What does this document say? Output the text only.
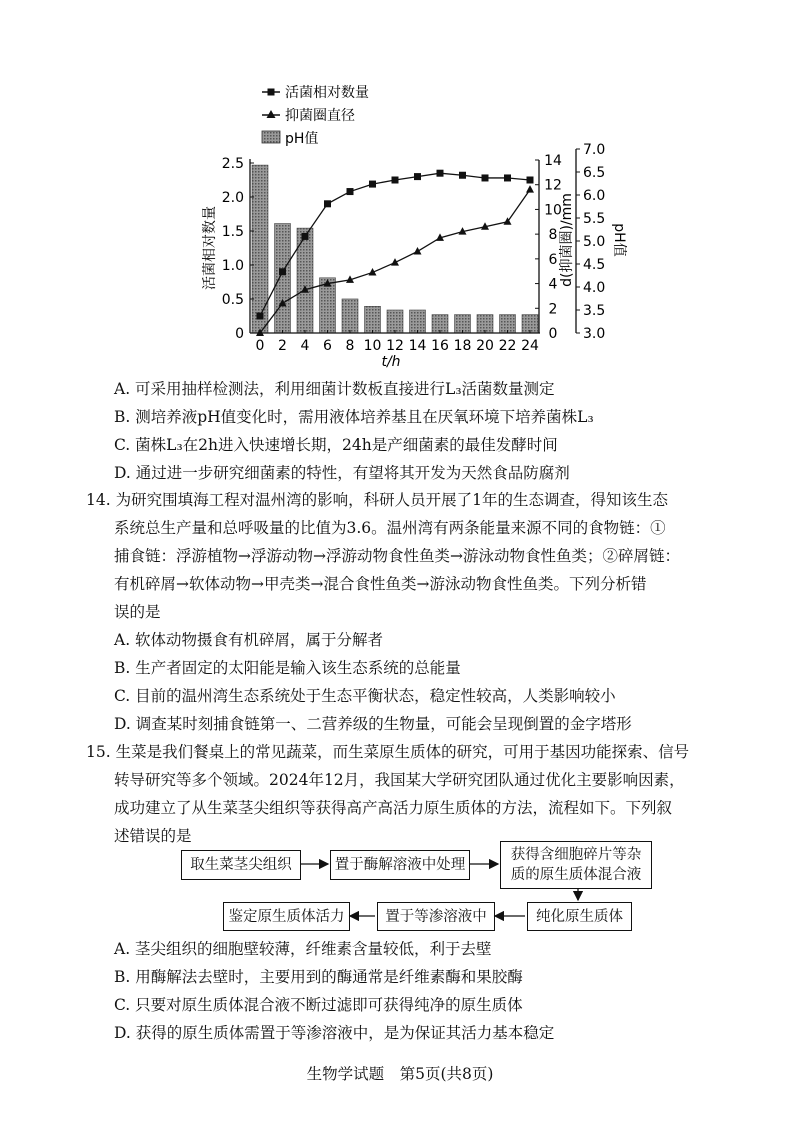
活菌相对数量
抑菌圈直径
pH值
0
0.5
1.0
1.5
2.0
2.5
0
2
4
6
8
10
12
14
3.0
3.5
4.0
4.5
5.0
5.5
6.0
6.5
7.0
0 2 4 6 8 10 12 14 16 18 20 22 24
活菌相对数量	d(抑菌圈)/mm	pH值
t/h
A. 可采用抽样检测法，利用细菌计数板直接进行L₃活菌数量测定
B. 测培养液pH值变化时，需用液体培养基且在厌氧环境下培养菌株L₃
C. 菌株L₃在2h进入快速增长期，24h是产细菌素的最佳发酵时间
D. 通过进一步研究细菌素的特性，有望将其开发为天然食品防腐剂
14. 为研究围填海工程对温州湾的影响，科研人员开展了1年的生态调查，得知该生态
系统总生产量和总呼吸量的比值为3.6。温州湾有两条能量来源不同的食物链：①
捕食链：浮游植物→浮游动物→浮游动物食性鱼类→游泳动物食性鱼类；②碎屑链：
有机碎屑→软体动物→甲壳类→混合食性鱼类→游泳动物食性鱼类。下列分析错
误的是
A. 软体动物摄食有机碎屑，属于分解者
B. 生产者固定的太阳能是输入该生态系统的总能量
C. 目前的温州湾生态系统处于生态平衡状态，稳定性较高，人类影响较小
D. 调查某时刻捕食链第一、二营养级的生物量，可能会呈现倒置的金字塔形
15. 生菜是我们餐桌上的常见蔬菜，而生菜原生质体的研究，可用于基因功能探索、信号
转导研究等多个领域。2024年12月，我国某大学研究团队通过优化主要影响因素，
成功建立了从生菜茎尖组织等获得高产高活力原生质体的方法，流程如下。下列叙
述错误的是
取生菜茎尖组织	置于酶解溶液中处理
获得含细胞碎片等杂
质的原生质体混合液
纯化原生质体
置于等渗溶液中
鉴定原生质体活力
A. 茎尖组织的细胞壁较薄，纤维素含量较低，利于去壁
B. 用酶解法去壁时，主要用到的酶通常是纤维素酶和果胶酶
C. 只要对原生质体混合液不断过滤即可获得纯净的原生质体
D. 获得的原生质体需置于等渗溶液中，是为保证其活力基本稳定
生物学试题　第5页(共8页)
